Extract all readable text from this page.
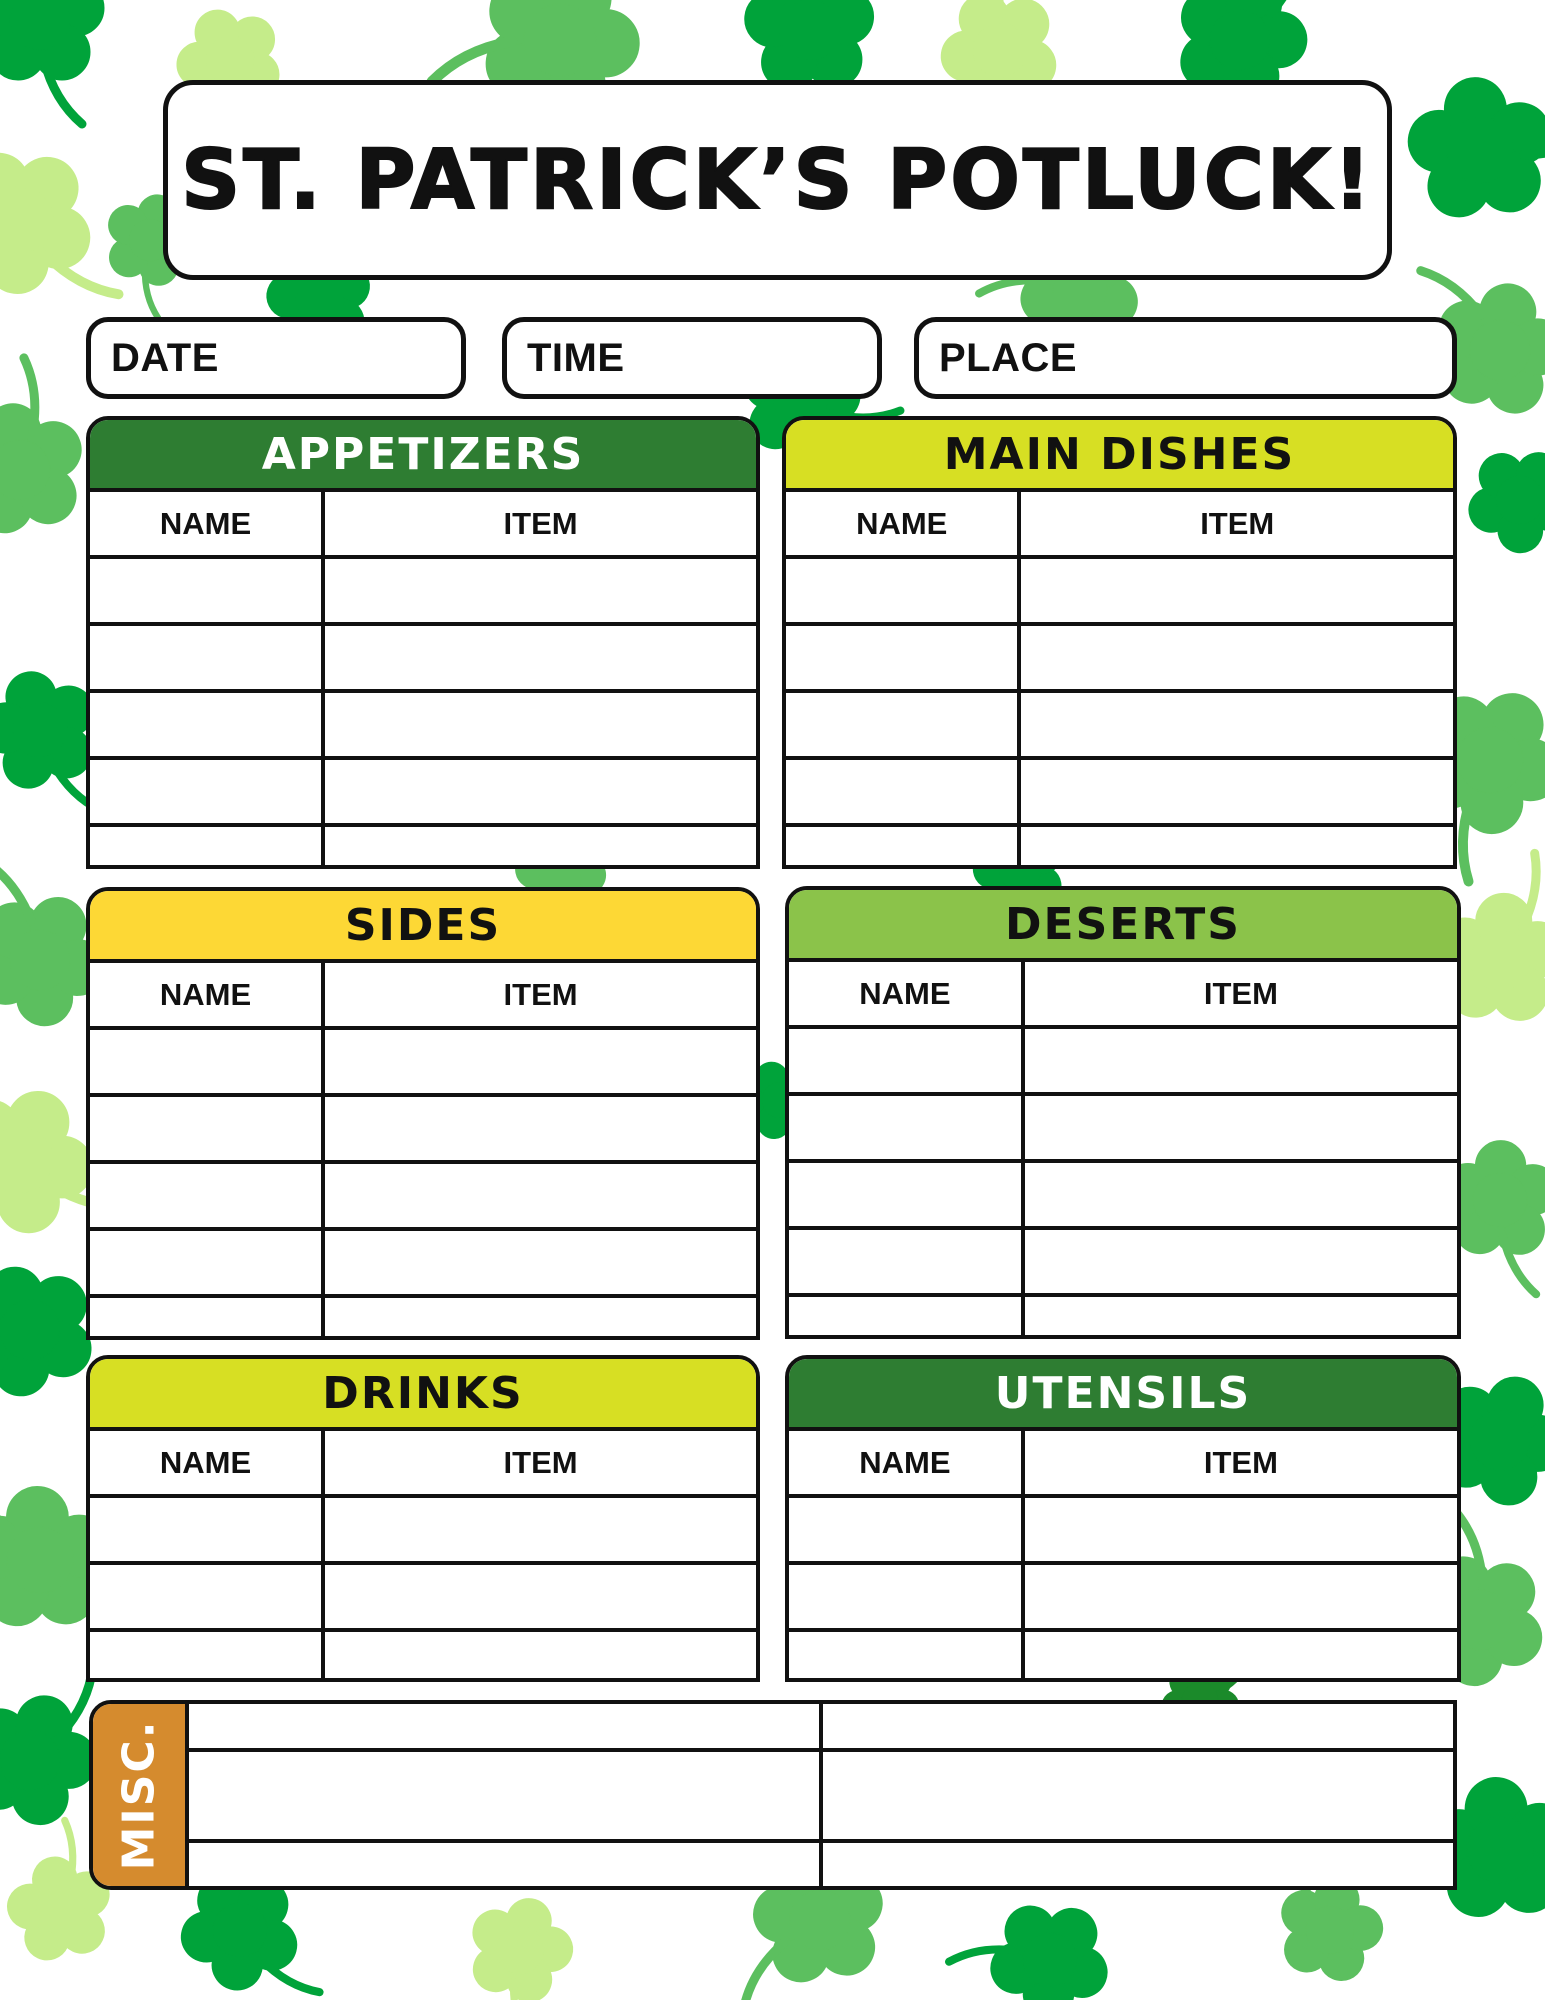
ST. PATRICK’S POTLUCK!
DATE	TIME	PLACE
APPETIZERS
NAME	ITEM

MAIN DISHES
NAME	ITEM

SIDES
NAME	ITEM

DESERTS
NAME	ITEM

DRINKS
NAME	ITEM

UTENSILS
NAME	ITEM

MISC.
